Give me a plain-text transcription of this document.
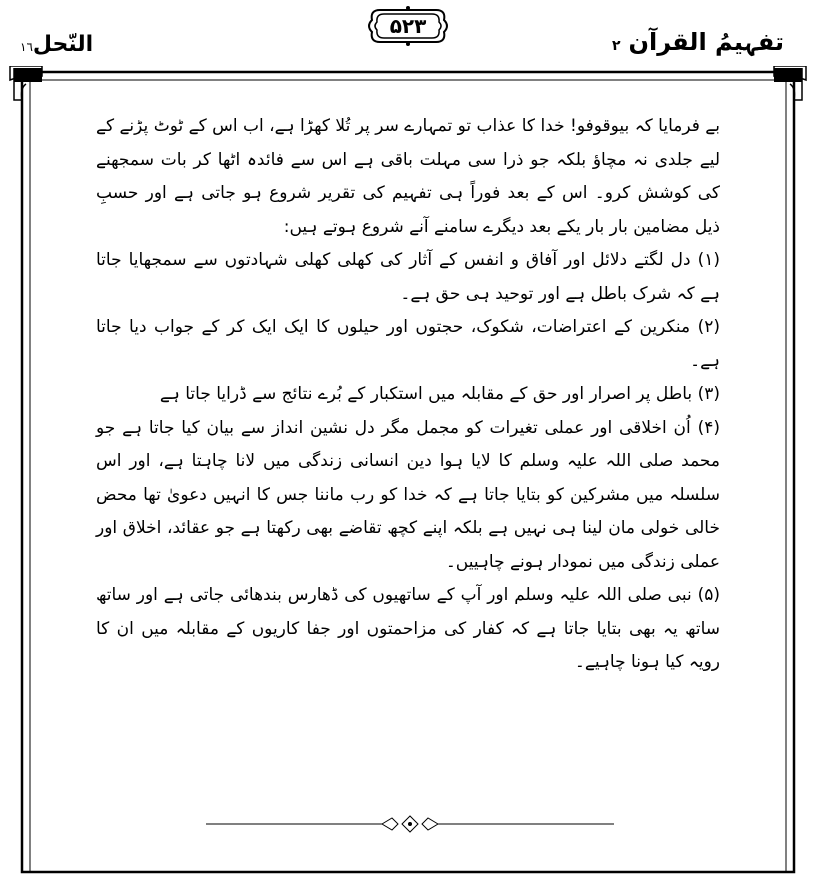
النّحل١٦
۵۲۳
تفہیمُ القرآن۲

بے فرمایا کہ بیوقوفو! خدا کا عذاب تو تمہارے سر پر تُلا کھڑا ہے، اب اس کے ٹوٹ پڑنے کے لیے جلدی نہ مچاؤ بلکہ جو ذرا سی مہلت باقی ہے اس سے فائدہ اٹھا کر بات سمجھنے کی کوشش کرو۔ اس کے بعد فوراً ہی تفہیم کی تقریر شروع ہو جاتی ہے اور حسبِ ذیل مضامین بار بار یکے بعد دیگرے سامنے آنے شروع ہوتے ہیں:

(۱) دل لگتے دلائل اور آفاق و انفس کے آثار کی کھلی کھلی شہادتوں سے سمجھایا جاتا ہے کہ شرک باطل ہے اور توحید ہی حق ہے۔

(۲) منکرین کے اعتراضات، شکوک، حجتوں اور حیلوں کا ایک ایک کر کے جواب دیا جاتا ہے۔

(۳) باطل پر اصرار اور حق کے مقابلہ میں استکبار کے بُرے نتائج سے ڈرایا جاتا ہے

(۴) اُن اخلاقی اور عملی تغیرات کو مجمل مگر دل نشین انداز سے بیان کیا جاتا ہے جو محمد صلی اللہ علیہ وسلم کا لایا ہوا دین انسانی زندگی میں لانا چاہتا ہے، اور اس سلسلہ میں مشرکین کو بتایا جاتا ہے کہ خدا کو رب ماننا جس کا انہیں دعویٰ تھا محض خالی خولی مان لینا ہی نہیں ہے بلکہ اپنے کچھ تقاضے بھی رکھتا ہے جو عقائد، اخلاق اور عملی زندگی میں نمودار ہونے چاہییں۔

(۵) نبی صلی اللہ علیہ وسلم اور آپ کے ساتھیوں کی ڈھارس بندھائی جاتی ہے اور ساتھ ساتھ یہ بھی بتایا جاتا ہے کہ کفار کی مزاحمتوں اور جفا کاریوں کے مقابلہ میں ان کا رویہ کیا ہونا چاہیے۔
